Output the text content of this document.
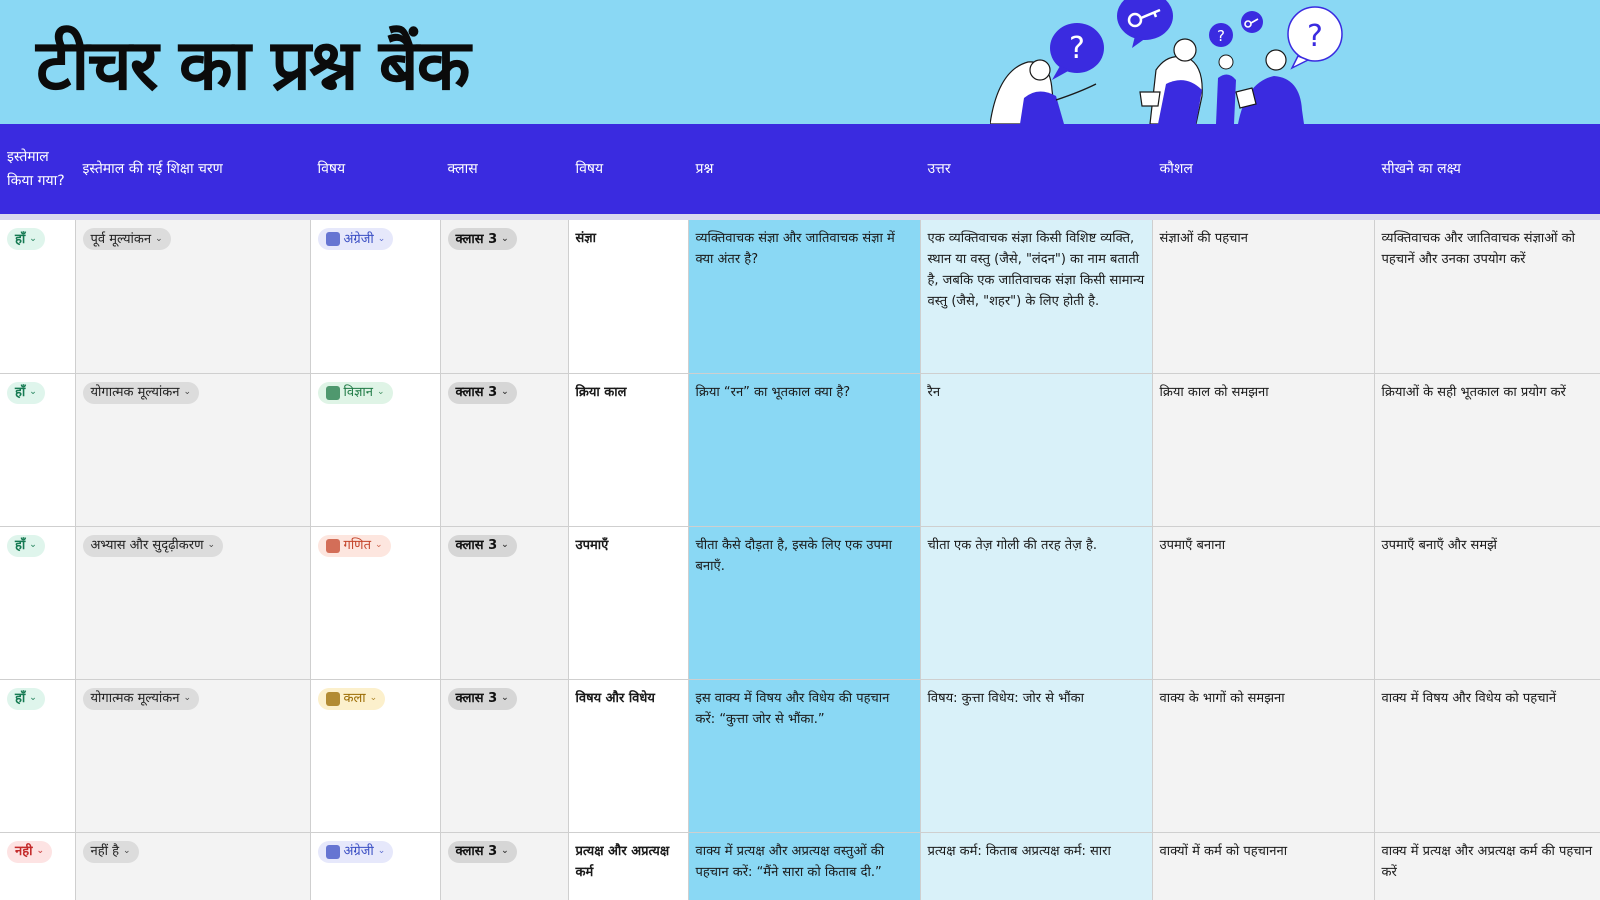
टीचर का प्रश्न बैंक	?	?	?
इस्तेमाल किया गया?	इस्तेमाल की गई शिक्षा चरण	विषय	क्लास	विषय	प्रश्न	उत्तर	कौशल	सीखने का लक्ष्य

हाँ ⌄	पूर्व मूल्यांकन ⌄	अंग्रेजी ⌄	क्लास 3 ⌄	संज्ञा	व्यक्तिवाचक संज्ञा और जातिवाचक संज्ञा में क्या अंतर है?	एक व्यक्तिवाचक संज्ञा किसी विशिष्ट व्यक्ति, स्थान या वस्तु (जैसे, "लंदन") का नाम बताती है, जबकि एक जातिवाचक संज्ञा किसी सामान्य वस्तु (जैसे, "शहर") के लिए होती है.	संज्ञाओं की पहचान	व्यक्तिवाचक और जातिवाचक संज्ञाओं को पहचानें और उनका उपयोग करें

हाँ ⌄	योगात्मक मूल्यांकन ⌄	विज्ञान ⌄	क्लास 3 ⌄	क्रिया काल	क्रिया “रन” का भूतकाल क्या है?	रैन	क्रिया काल को समझना	क्रियाओं के सही भूतकाल का प्रयोग करें

हाँ ⌄	अभ्यास और सुदृढ़ीकरण ⌄	गणित ⌄	क्लास 3 ⌄	उपमाएँ	चीता कैसे दौड़ता है, इसके लिए एक उपमा बनाएँ.	चीता एक तेज़ गोली की तरह तेज़ है.	उपमाएँ बनाना	उपमाएँ बनाएँ और समझें

हाँ ⌄	योगात्मक मूल्यांकन ⌄	कला ⌄	क्लास 3 ⌄	विषय और विधेय	इस वाक्य में विषय और विधेय की पहचान करें: “कुत्ता जोर से भौंका.”	विषय: कुत्ता विधेय: जोर से भौंका	वाक्य के भागों को समझना	वाक्य में विषय और विधेय को पहचानें

नही ⌄	नहीं है ⌄	अंग्रेजी ⌄	क्लास 3 ⌄	प्रत्यक्ष और अप्रत्यक्ष कर्म	वाक्य में प्रत्यक्ष और अप्रत्यक्ष वस्तुओं की पहचान करें: “मैंने सारा को किताब दी.”	प्रत्यक्ष कर्म: किताब अप्रत्यक्ष कर्म: सारा	वाक्यों में कर्म को पहचानना	वाक्य में प्रत्यक्ष और अप्रत्यक्ष कर्म की पहचान करें
